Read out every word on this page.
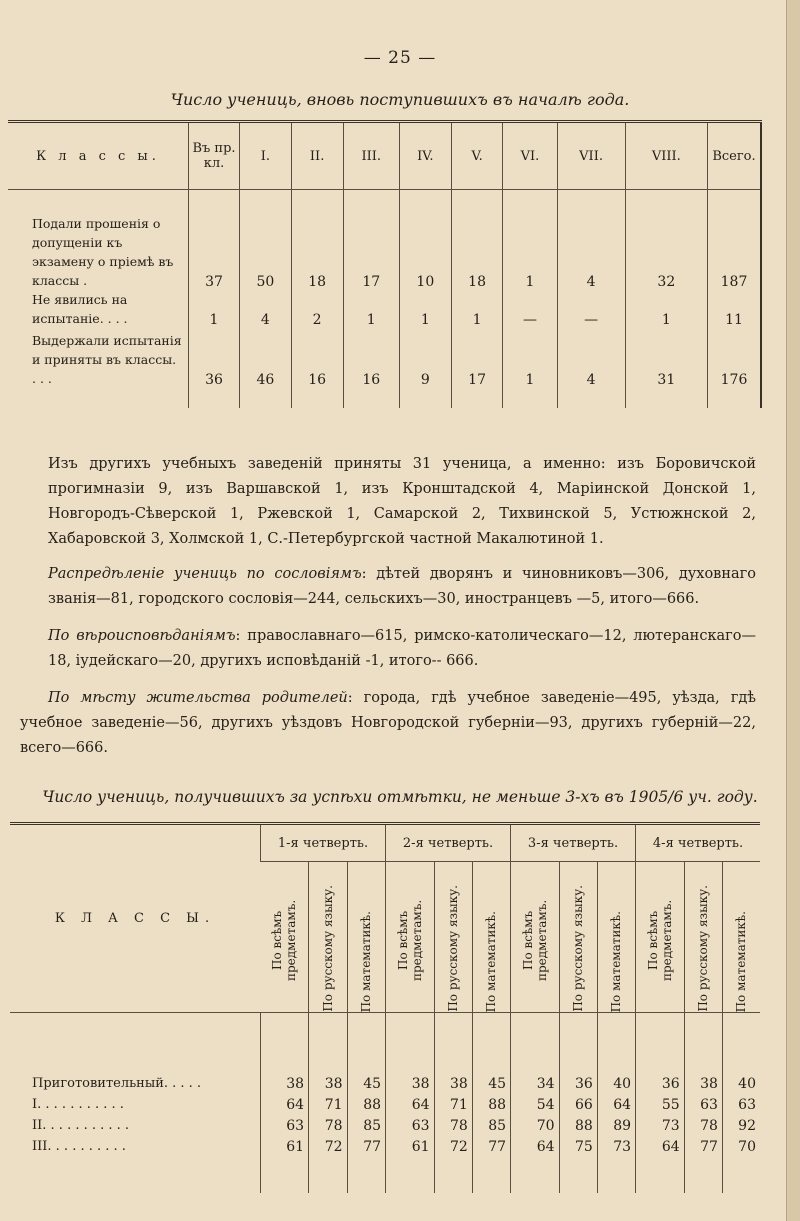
— 25 —
Число учениць, вновь поступившихъ въ началѣ года.
К л а с с ы.	Въ пр. кл.	I.	II.	III.	IV.	V.	VI.	VII.	VIII.	Всего.
Подали прошенія о допущеніи къ экзамену о пріемѣ въ классы .	37	50	18	17	10	18	1	4	32	187
Не явились на испытаніе. . . .	1	4	2	1	1	1	—	—	1	11
Выдержали испытанія и приняты въ классы. . . .	36	46	16	16	9	17	1	4	31	176
Изъ другихъ учебныхъ заведеній приняты 31 ученица, а именно: изъ Боровичской прогимназіи 9, изъ Варшавской 1, изъ Кронштадской 4, Маріинской Донской 1, Новгородъ-Сѣверской 1, Ржевской 1, Самарской 2, Тихвинской 5, Устюжнской 2, Хабаровской 3, Холмской 1, С.-Петербургской частной Макалютиной 1.
Распредѣленіе учениць по сословіямъ: дѣтей дворянъ и чиновниковъ—306, духовнаго званія—81, городского сословія—244, сельскихъ—30, иностранцевъ —5, итого—666.
По вѣроисповѣданіямъ: православнаго—615, римско-католическаго—12, лютеранскаго—18, іудейскаго—20, другихъ исповѣданій -1, итого-- 666.
По мѣсту жительства родителей: города, гдѣ учебное заведеніе—495, уѣзда, гдѣ учебное заведеніе—56, другихъ уѣздовъ Новгородской губерніи—93, другихъ губерній—22, всего—666.
Число учениць, получившихъ за успѣхи отмѣтки, не меньше 3-хъ въ 1905/6 уч. году.
К Л А С С Ы.	1-я четверть.			2-я четверть.			3-я четверть.			4-я четверть.		

	По всѣмъ предметамъ.	По русскому языку.	По математикѣ.	По всѣмъ предметамъ.	По русскому языку.	По математикѣ.	По всѣмъ предметамъ.	По русскому языку.	По математикѣ.	По всѣмъ предметамъ.	По русскому языку.	По математикѣ.

Приготовительный. . . . .	38	38	45	38	38	45	34	36	40	36	38	40
I. . . . . . . . . . .	64	71	88	64	71	88	54	66	64	55	63	63
II. . . . . . . . . . .	63	78	85	63	78	85	70	88	89	73	78	92
III. . . . . . . . . .	61	72	77	61	72	77	64	75	73	64	77	70
